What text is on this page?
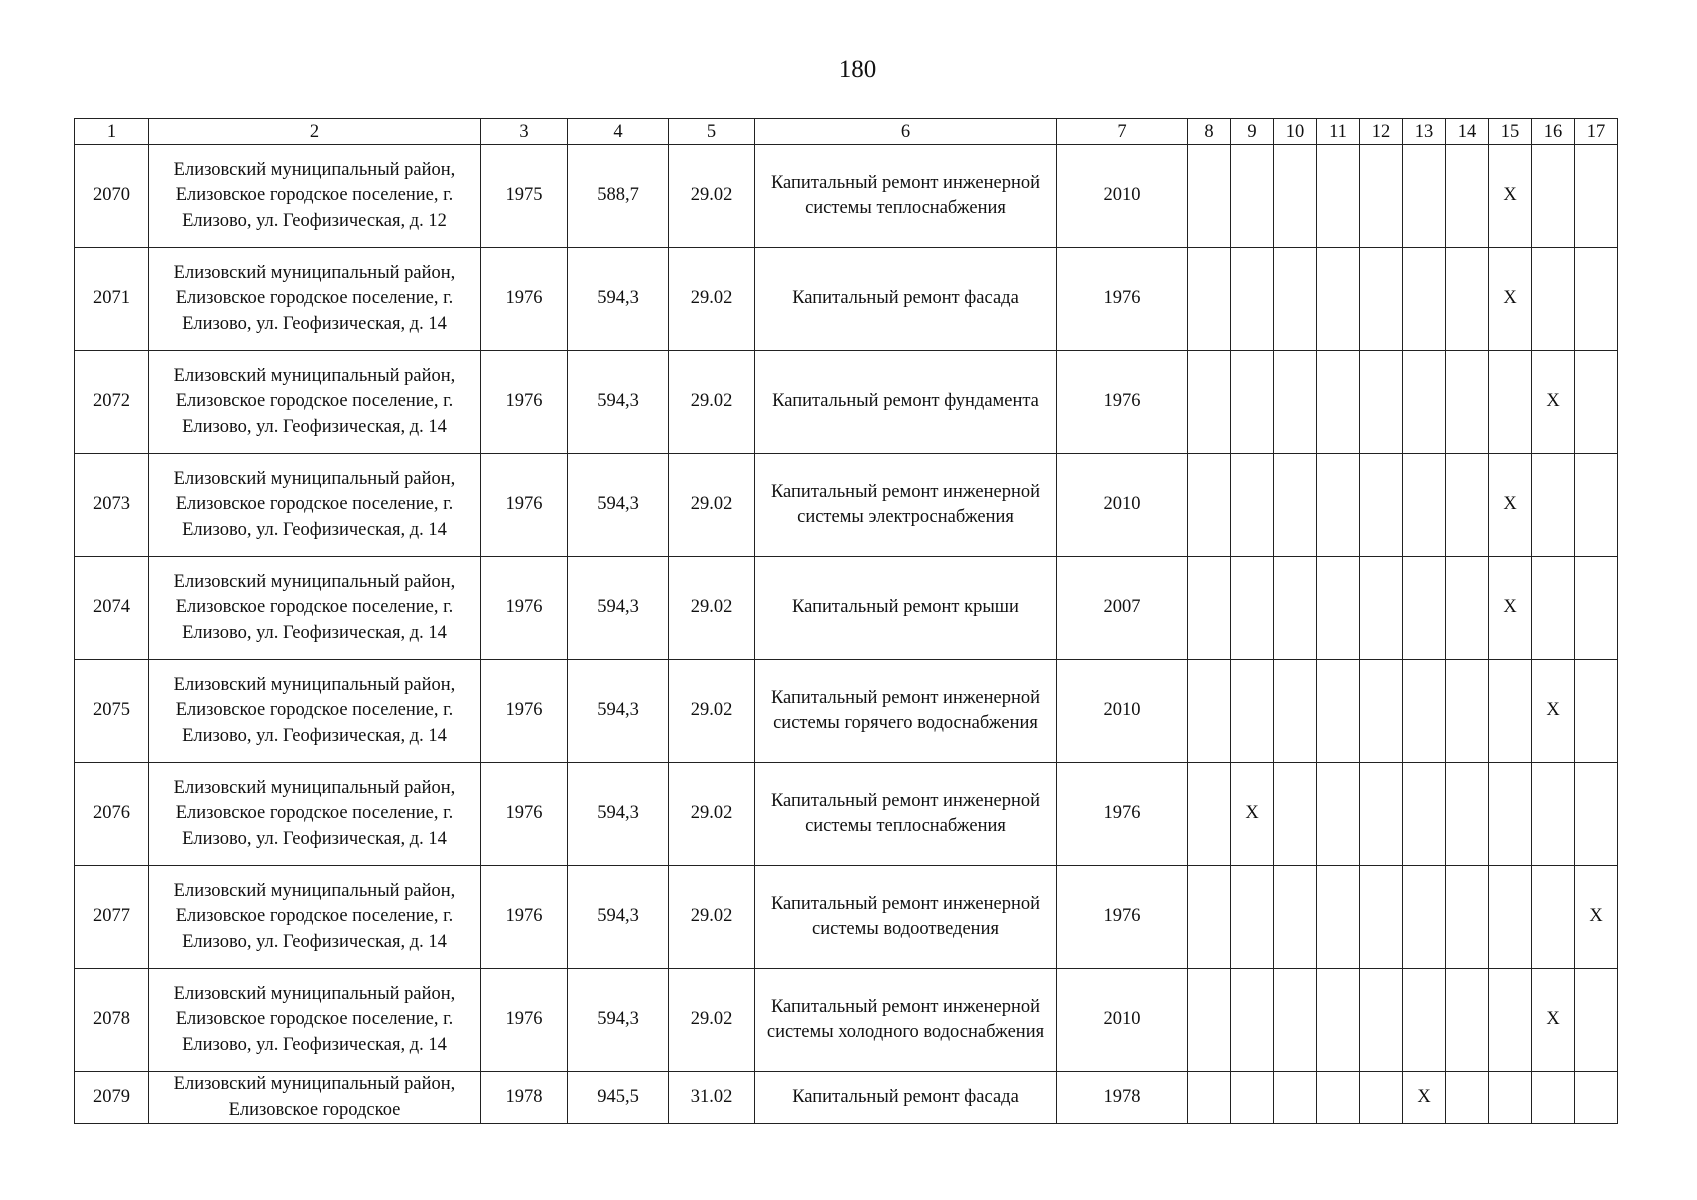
180
1	2	3	4	5	6	7	8	9	10	11	12	13	14	15	16	17
2070	Елизовский муниципальный район, Елизовское городское поселение, г. Елизово, ул. Геофизическая, д. 12	1975	588,7	29.02	Капитальный ремонт инженерной системы теплоснабжения	2010								X		
2071	Елизовский муниципальный район, Елизовское городское поселение, г. Елизово, ул. Геофизическая, д. 14	1976	594,3	29.02	Капитальный ремонт фасада	1976								X		
2072	Елизовский муниципальный район, Елизовское городское поселение, г. Елизово, ул. Геофизическая, д. 14	1976	594,3	29.02	Капитальный ремонт фундамента	1976									X	
2073	Елизовский муниципальный район, Елизовское городское поселение, г. Елизово, ул. Геофизическая, д. 14	1976	594,3	29.02	Капитальный ремонт инженерной системы электроснабжения	2010								X		
2074	Елизовский муниципальный район, Елизовское городское поселение, г. Елизово, ул. Геофизическая, д. 14	1976	594,3	29.02	Капитальный ремонт крыши	2007								X		
2075	Елизовский муниципальный район, Елизовское городское поселение, г. Елизово, ул. Геофизическая, д. 14	1976	594,3	29.02	Капитальный ремонт инженерной системы горячего водоснабжения	2010									X	
2076	Елизовский муниципальный район, Елизовское городское поселение, г. Елизово, ул. Геофизическая, д. 14	1976	594,3	29.02	Капитальный ремонт инженерной системы теплоснабжения	1976		X								
2077	Елизовский муниципальный район, Елизовское городское поселение, г. Елизово, ул. Геофизическая, д. 14	1976	594,3	29.02	Капитальный ремонт инженерной системы водоотведения	1976										X
2078	Елизовский муниципальный район, Елизовское городское поселение, г. Елизово, ул. Геофизическая, д. 14	1976	594,3	29.02	Капитальный ремонт инженерной системы холодного водоснабжения	2010									X	
2079	Елизовский муниципальный район, Елизовское городское	1978	945,5	31.02	Капитальный ремонт фасада	1978						X				
